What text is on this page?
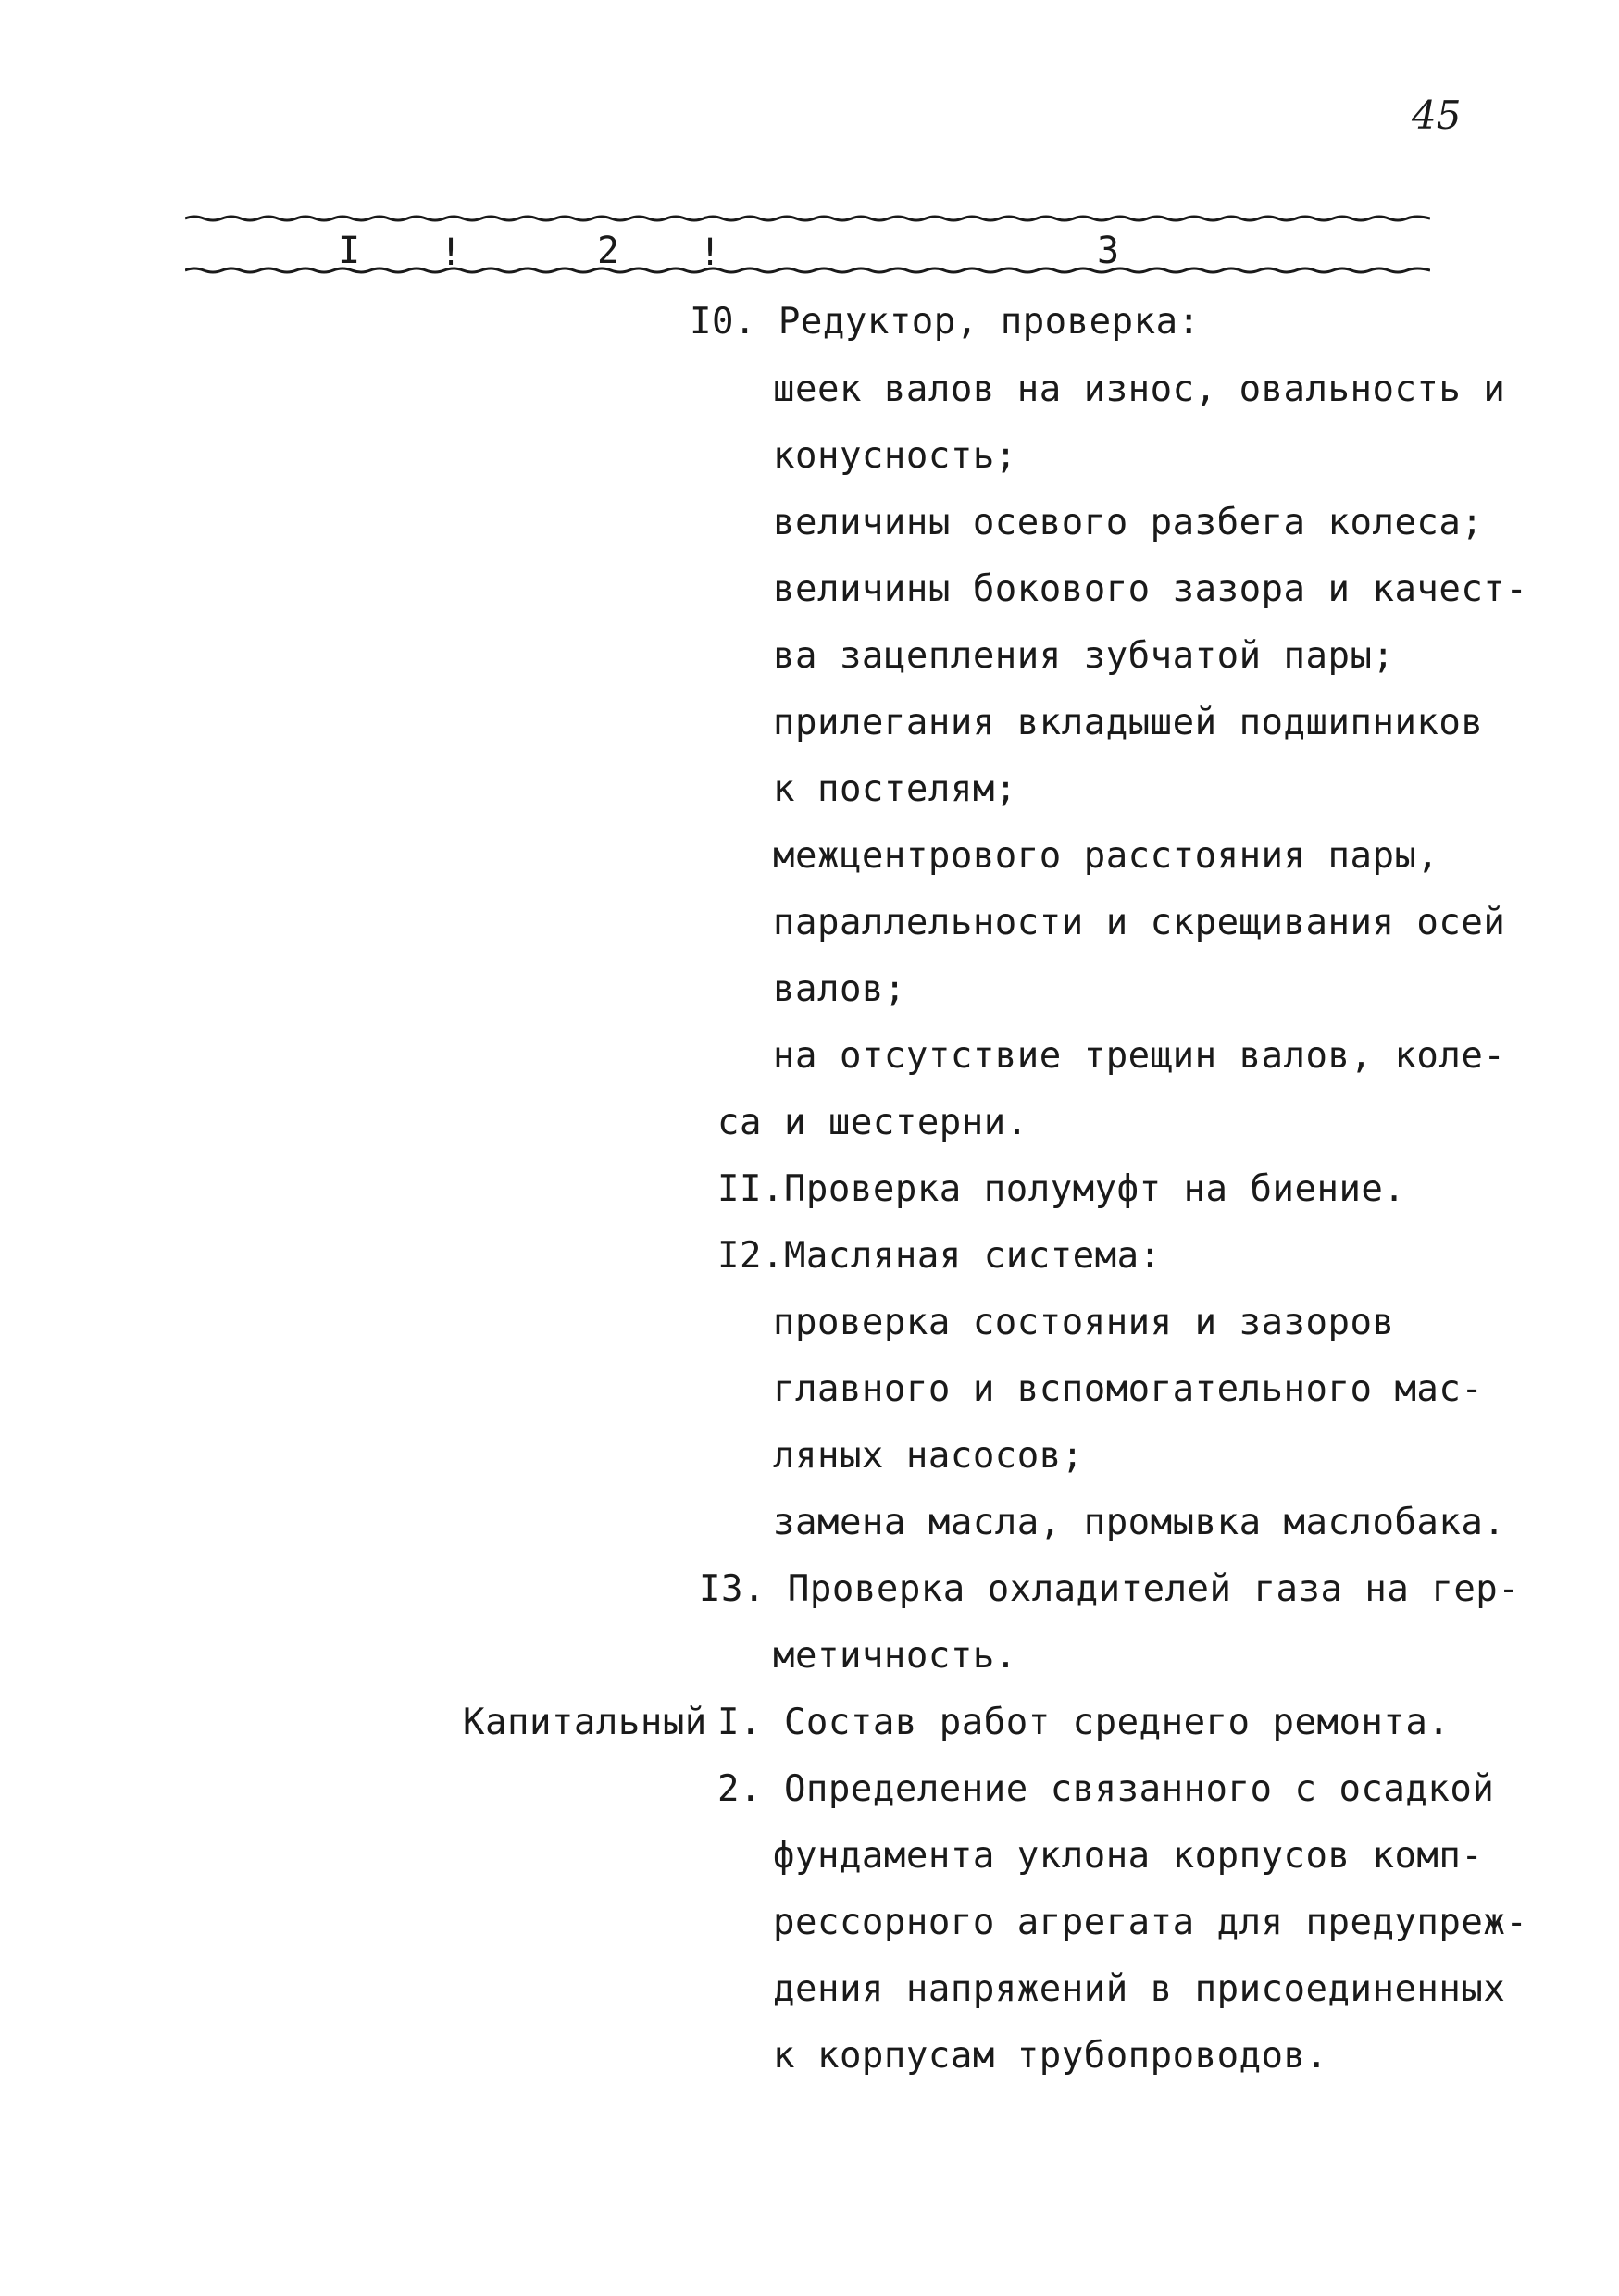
45
I !	2 !	3
I0. Редуктор, проверка:
шеек валов на износ, овальность и
конусность;
величины осевого разбега колеса;
величины бокового зазора и качест-
ва зацепления зубчатой пары;
прилегания вкладышей подшипников
к постелям;
межцентрового расстояния пары,
параллельности и скрещивания осей
валов;
на отсутствие трещин валов, коле-
са и шестерни.
II.Проверка полумуфт на биение.
I2.Масляная система:
проверка состояния и зазоров
главного и вспомогательного мас-
ляных насосов;
замена масла, промывка маслобака.
I3. Проверка охладителей газа на гер-
метичность.
Капитальный I. Состав работ среднего ремонта.
2. Определение связанного с осадкой
фундамента уклона корпусов комп-
рессорного агрегата для предупреж-
дения напряжений в присоединенных
к корпусам трубопроводов.
